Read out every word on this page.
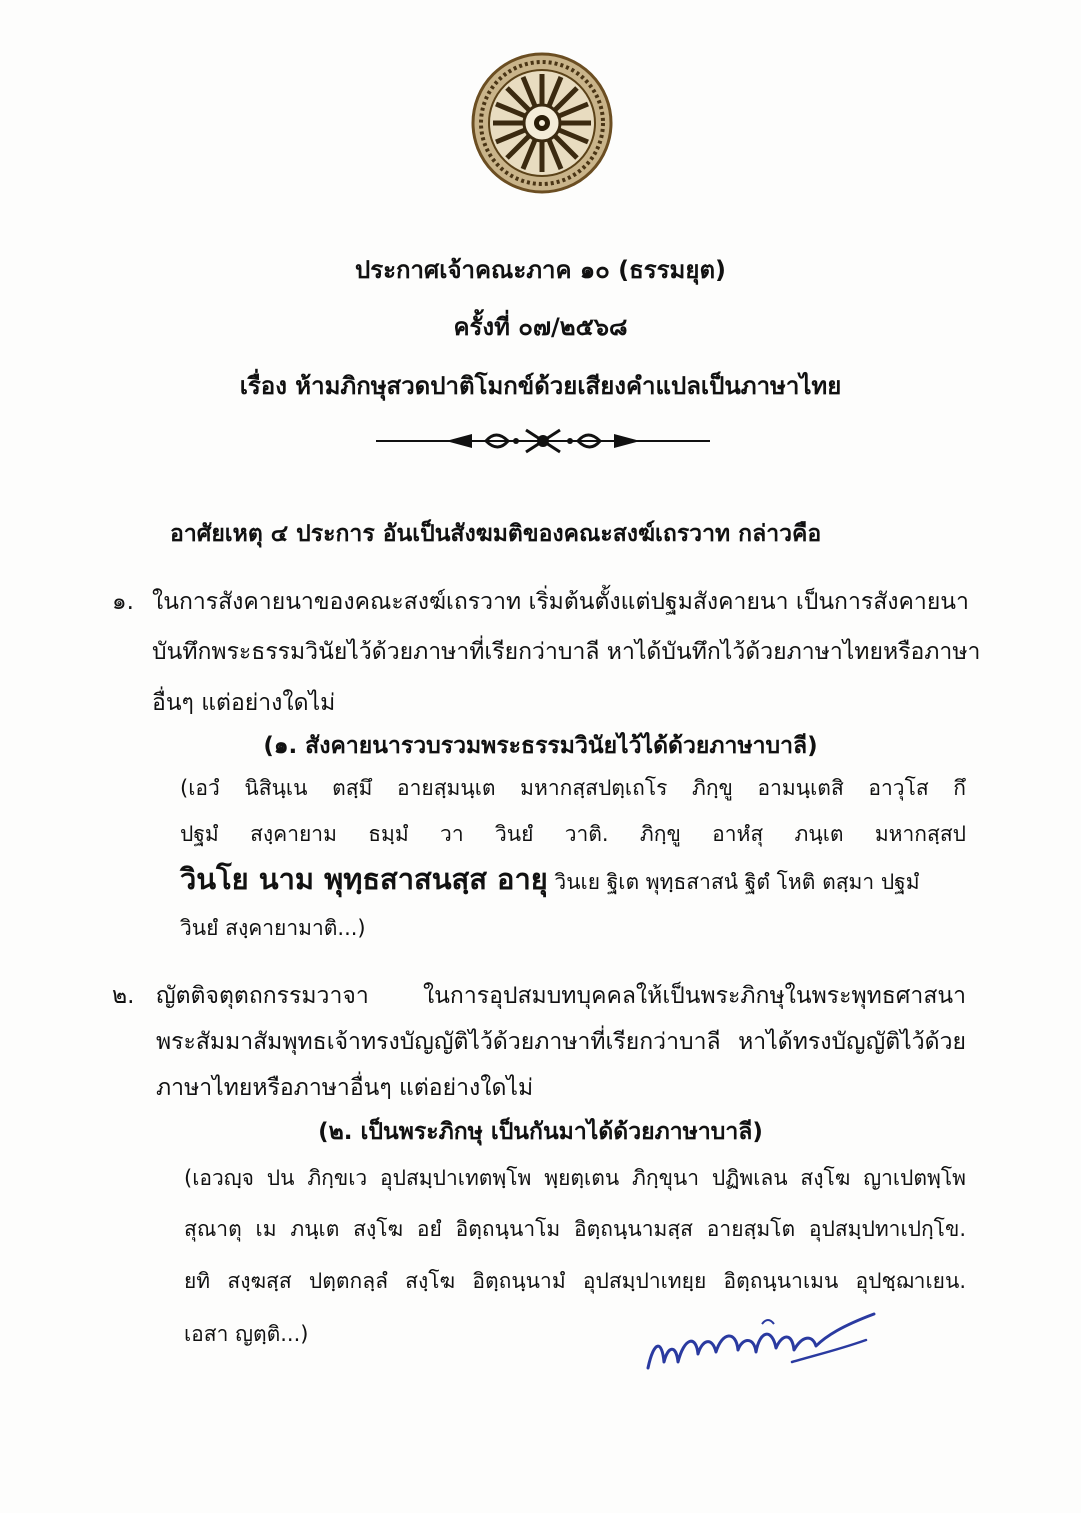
ประกาศเจ้าคณะภาค ๑๐ (ธรรมยุต)
ครั้งที่ ๐๗/๒๕๖๘
เรื่อง ห้ามภิกษุสวดปาติโมกข์ด้วยเสียงคำแปลเป็นภาษาไทย
อาศัยเหตุ ๔ ประการ อันเป็นสังฆมติของคณะสงฆ์เถรวาท กล่าวคือ
๑. ในการสังคายนาของคณะสงฆ์เถรวาท เริ่มต้นตั้งแต่ปฐมสังคายนา เป็นการสังคายนา
บันทึกพระธรรมวินัยไว้ด้วยภาษาที่เรียกว่าบาลี หาได้บันทึกไว้ด้วยภาษาไทยหรือภาษา
อื่นๆ แต่อย่างใดไม่
(๑. สังคายนารวบรวมพระธรรมวินัยไว้ได้ด้วยภาษาบาลี)
(เอวํ นิสินฺเน ตสฺมึ อายสฺมนฺเต มหากสฺสปตฺเถโร ภิกฺขู อามนฺเตสิ อาวุโส กึ
ปฐมํ สงฺคายาม ธมฺมํ วา วินยํ วาติ. ภิกฺขู อาหํสุ ภนฺเต มหากสฺสป
วินโย นาม พุทฺธสาสนสฺส อายุ วินเย ฐิเต พุทฺธสาสนํ ฐิตํ โหติ ตสฺมา ปฐมํ
วินยํ สงฺคายามาติ...)
๒. ญัตติจตุตถกรรมวาจา ในการอุปสมบทบุคคลให้เป็นพระภิกษุในพระพุทธศาสนา
พระสัมมาสัมพุทธเจ้าทรงบัญญัติไว้ด้วยภาษาที่เรียกว่าบาลี หาได้ทรงบัญญัติไว้ด้วย
ภาษาไทยหรือภาษาอื่นๆ แต่อย่างใดไม่
(๒. เป็นพระภิกษุ เป็นกันมาได้ด้วยภาษาบาลี)
(เอวญฺจ ปน ภิกฺขเว อุปสมฺปาเทตพฺโพ พฺยตฺเตน ภิกฺขุนา ปฏิพเลน สงฺโฆ ญาเปตพฺโพ
สุณาตุ เม ภนฺเต สงฺโฆ อยํ อิตฺถนฺนาโม อิตฺถนฺนามสฺส อายสฺมโต อุปสมฺปทาเปกฺโข.
ยทิ สงฺฆสฺส ปตฺตกลฺลํ สงฺโฆ อิตฺถนฺนามํ อุปสมฺปาเทยฺย อิตฺถนฺนาเมน อุปชฺฌาเยน.
เอสา ญตฺติ...)
